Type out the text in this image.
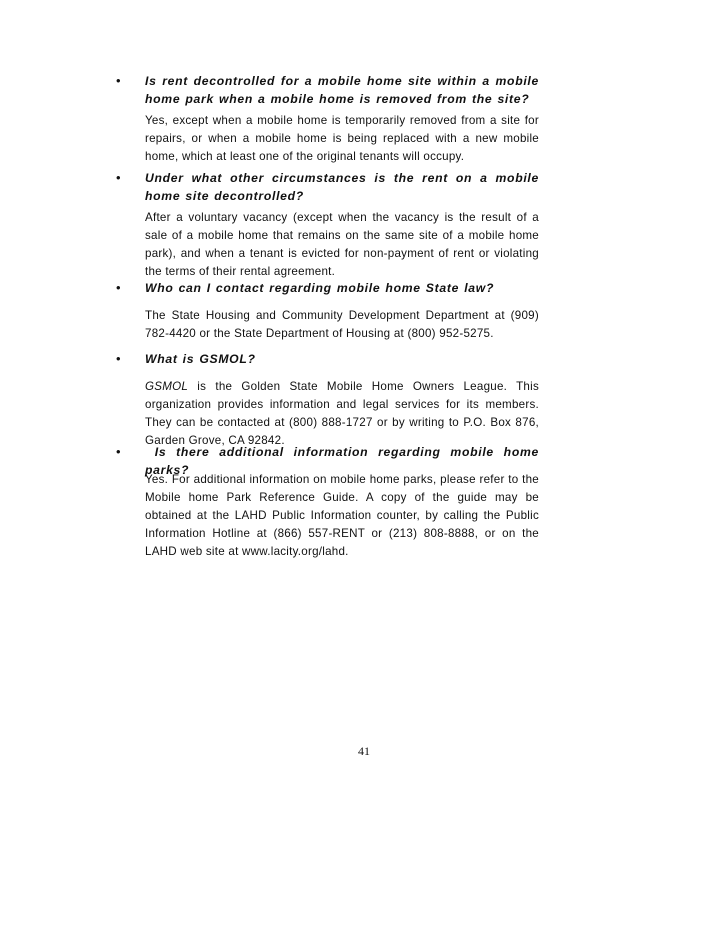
• Is rent decontrolled for a mobile home site within a mobile home park when a mobile home is removed from the site?

Yes, except when a mobile home is temporarily removed from a site for repairs, or when a mobile home is being replaced with a new mobile home, which at least one of the original tenants will occupy.

• Under what other circumstances is the rent on a mobile home site decontrolled?

After a voluntary vacancy (except when the vacancy is the result of a sale of a mobile home that remains on the same site of a mobile home park), and when a tenant is evicted for non-payment of rent or violating the terms of their rental agreement.

• Who can I contact regarding mobile home State law?

The State Housing and Community Development Department at (909) 782-4420 or the State Department of Housing at (800) 952-5275.

• What is GSMOL?

GSMOL is the Golden State Mobile Home Owners League. This organization provides information and legal services for its members. They can be contacted at (800) 888-1727 or by writing to P.O. Box 876, Garden Grove, CA 92842.

• Is there additional information regarding mobile home parks?

Yes. For additional information on mobile home parks, please refer to the Mobile home Park Reference Guide. A copy of the guide may be obtained at the LAHD Public Information counter, by calling the Public Information Hotline at (866) 557-RENT or (213) 808-8888, or on the LAHD web site at www.lacity.org/lahd.

41
